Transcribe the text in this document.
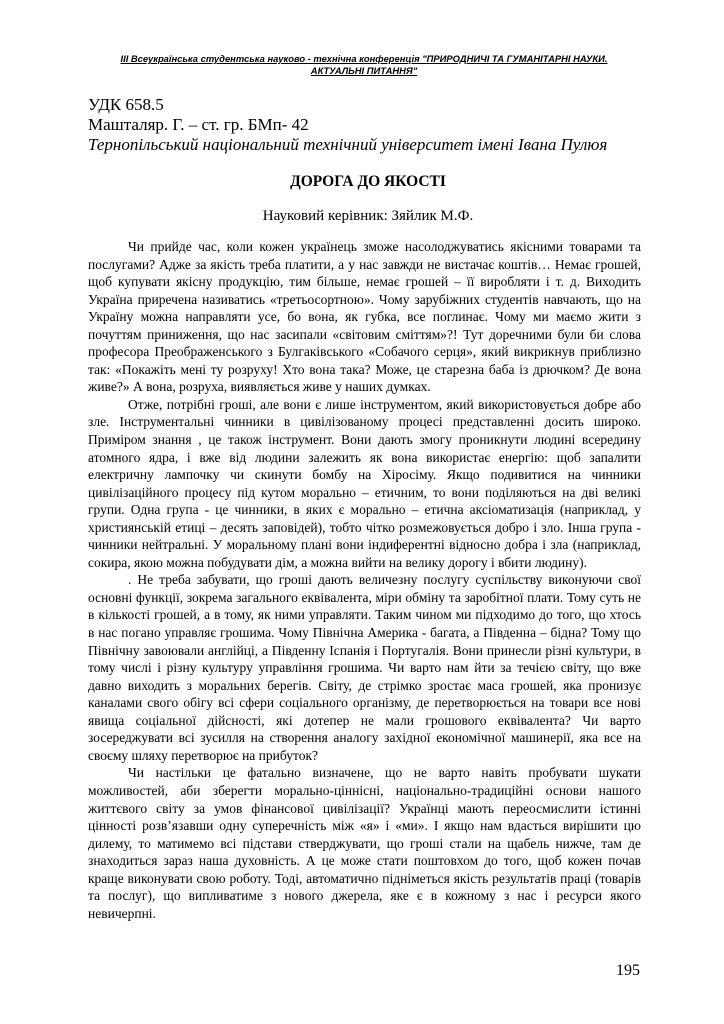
ІІІ Всеукраїнська студентська науково - технічна конференція "ПРИРОДНИЧІ ТА ГУМАНІТАРНІ НАУКИ.
АКТУАЛЬНІ ПИТАННЯ"
УДК 658.5
Машталяр. Г. – ст. гр. БМп- 42
Тернопільський національний технічний університет імені Івана Пулюя
ДОРОГА ДО ЯКОСТІ
Науковий керівник: Зяйлик М.Ф.

Чи прийде час, коли кожен українець зможе насолоджуватись якісними товарами та послугами? Адже за якість треба платити, а у нас завжди не вистачає коштів… Немає грошей, щоб купувати якісну продукцію, тим більше, немає грошей – її виробляти і т. д. Виходить Україна приречена називатись «третьосортною». Чому зарубіжних студентів навчають, що на Україну можна направляти усе, бо вона, як губка, все поглинає. Чому ми маємо жити з почуттям приниження, що нас засипали «світовим сміттям»?! Тут доречними були би слова професора Преображенського з Булгаківського «Собачого серця», який викрикнув приблизно так: «Покажіть мені ту розруху! Хто вона така? Може, це старезна баба із дрючком? Де вона живе?» А вона, розруха, виявляється живе у наших думках.

Отже, потрібні гроші, але вони є лише інструментом, який використовується добре або зле. Інструментальні чинники в цивілізованому процесі представленні досить широко. Приміром знання , це також інструмент. Вони дають змогу проникнути людині всередину атомного ядра, і вже від людини залежить як вона використає енергію: щоб запалити електричну лампочку чи скинути бомбу на Хіросіму. Якщо подивитися на чинники цивілізаційного процесу під кутом морально – етичним, то вони поділяються на дві великі групи. Одна група - це чинники, в яких є морально – етична аксіоматизація (наприклад, у християнській етиці – десять заповідей), тобто чітко розмежовується добро і зло. Інша група - чинники нейтральні. У моральному плані вони індиферентні відносно добра і зла (наприклад, сокира, якою можна побудувати дім, а можна вийти на велику дорогу і вбити людину).

. Не треба забувати, що гроші дають величезну послугу суспільству виконуючи свої основні функції, зокрема загального еквівалента, міри обміну та заробітної плати. Тому суть не в кількості грошей, а в тому, як ними управляти. Таким чином ми підходимо до того, що хтось в нас погано управляє грошима. Чому Північна Америка - багата, а Південна – бідна? Тому що Північну завоювали англійці, а Південну Іспанія і Португалія. Вони принесли різні культури, в тому числі і різну культуру управління грошима. Чи варто нам йти за течією світу, що вже давно виходить з моральних берегів. Світу, де стрімко зростає маса грошей, яка пронизує каналами свого обігу всі сфери соціального організму, де перетворюється на товари все нові явища соціальної дійсності, які дотепер не мали грошового еквівалента? Чи варто зосереджувати всі зусилля на створення аналогу західної економічної машинерії, яка все на своєму шляху перетворює на прибуток?

Чи настільки це фатально визначене, що не варто навіть пробувати шукати можливостей, аби зберегти морально-ціннісні, національно-традиційні основи нашого життєвого світу за умов фінансової цивілізації? Українці мають переосмислити істинні цінності розв’язавши одну суперечність між «я» і «ми». І якщо нам вдасться вирішити цю дилему, то матимемо всі підстави стверджувати, що гроші стали на щабель нижче, там де знаходиться зараз наша духовність. А це може стати поштовхом до того, щоб кожен почав краще виконувати свою роботу. Тоді, автоматично підніметься якість результатів праці (товарів та послуг), що випливатиме з нового джерела, яке є в кожному з нас і ресурси якого невичерпні.

195
